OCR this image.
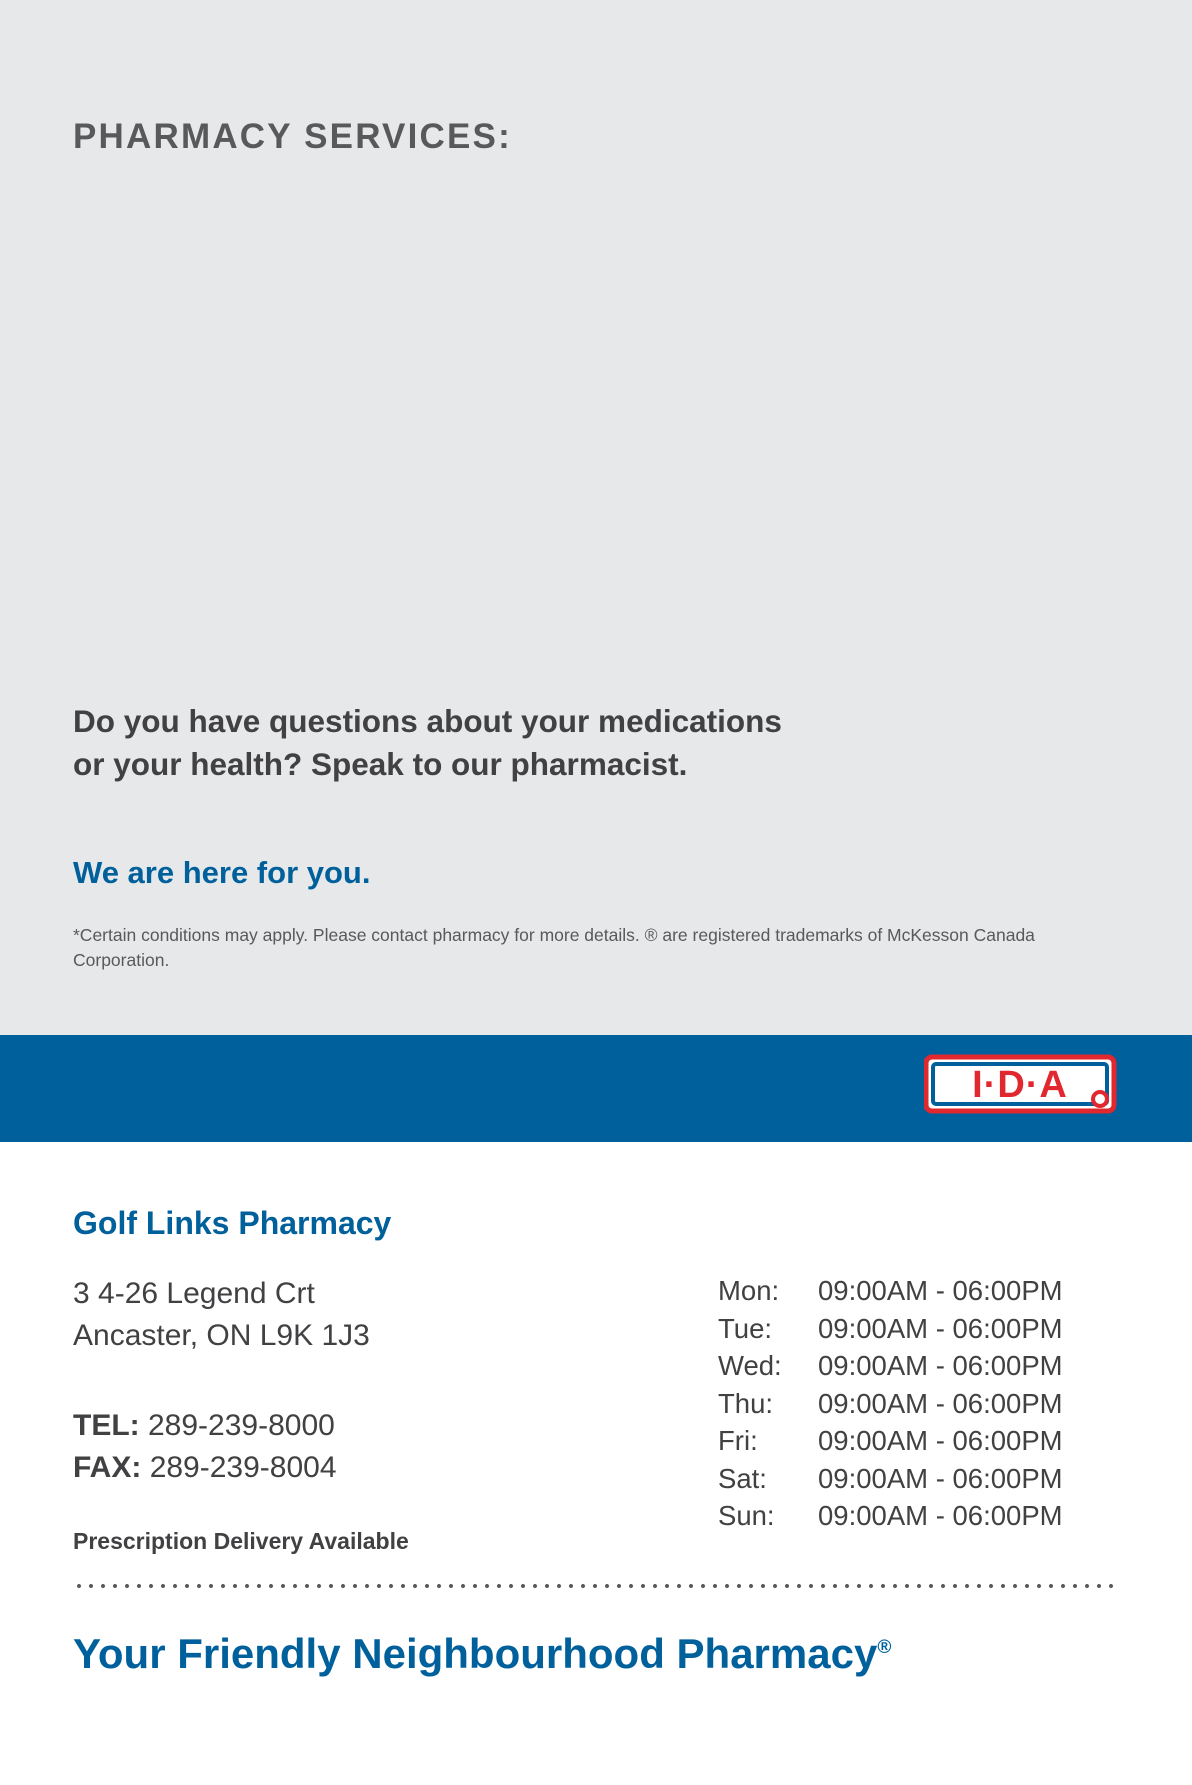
PHARMACY SERVICES:
Do you have questions about your medications
or your health? Speak to our pharmacist.
We are here for you.
*Certain conditions may apply. Please contact pharmacy for more details. ® are registered trademarks of McKesson Canada Corporation.
I·D·A
Golf Links Pharmacy
3 4-26 Legend Crt
Ancaster, ON L9K 1J3
TEL: 289-239-8000
FAX: 289-239-8004
Prescription Delivery Available
Mon:	09:00AM - 06:00PM
Tue:	09:00AM - 06:00PM
Wed:	09:00AM - 06:00PM
Thu:	09:00AM - 06:00PM
Fri:	09:00AM - 06:00PM
Sat:	09:00AM - 06:00PM
Sun:	09:00AM - 06:00PM
Your Friendly Neighbourhood Pharmacy®
